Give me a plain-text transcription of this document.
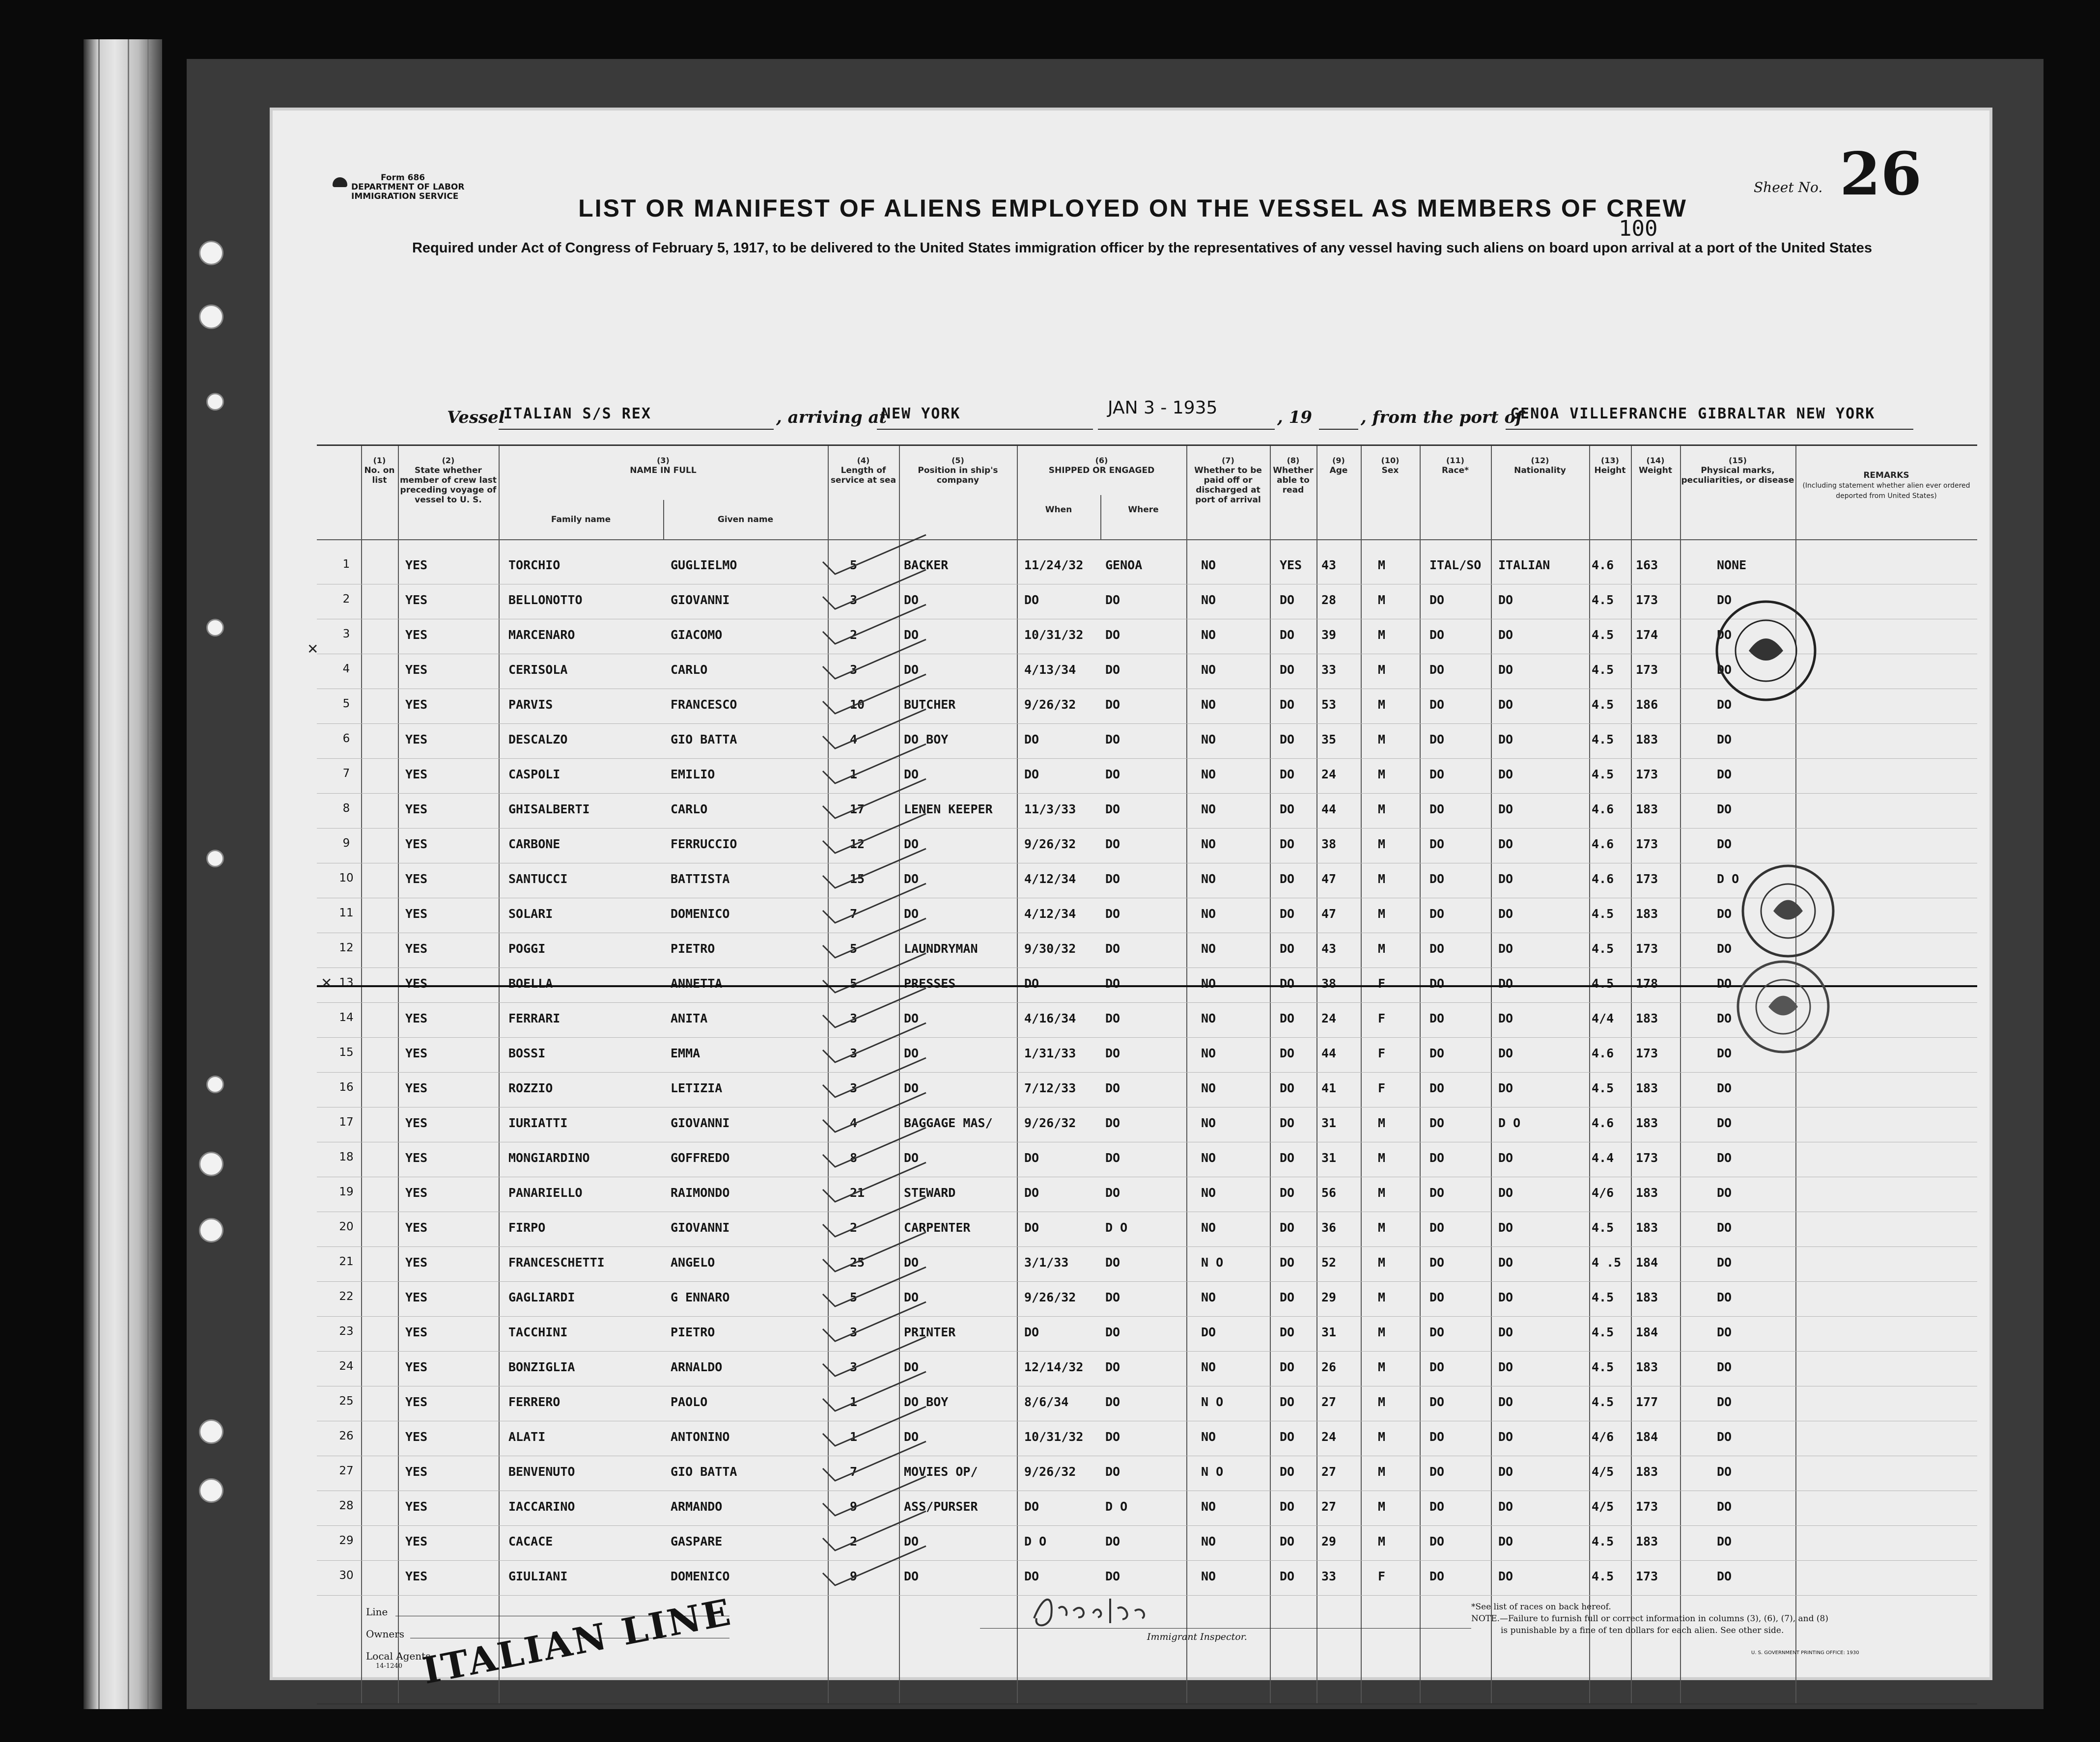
Form 686
DEPARTMENT OF LABOR
IMMIGRATION SERVICE
Sheet No. 26
100
LIST OR MANIFEST OF ALIENS EMPLOYED ON THE VESSEL AS MEMBERS OF CREW
Required under Act of Congress of February 5, 1917, to be delivered to the United States immigration officer by the representatives of any vessel having such aliens on board upon arrival at a port of the United States
Vessel
ITALIAN S/S REX	, arriving at
NEW YORK	JAN 3 - 1935	, 19	, from the port of
GENOA VILLEFRANCHE GIBRALTAR NEW YORK
(1)
No. on list
(2)
State whether member of crew last preceding voyage of vessel to U. S.
(3)
NAME IN FULL
Family name	Given name
(4)
Length of service at sea
(5)
Position in ship's company
(6)
SHIPPED OR ENGAGED
When	Where
(7)
Whether to be paid off or discharged at port of arrival
(8)
Whether able to read
(9)
Age
(10)
Sex
(11)
Race*
(12)
Nationality
(13)
Height
(14)
Weight
(15)
Physical marks, peculiarities, or disease	REMARKS
(Including statement whether alien ever ordered deported from United States)
1	YES	TORCHIO	GUGLIELMO	5	BACKER	11/24/32 GENOA	NO	YES 43	M	ITAL/SO ITALIAN	4.6 163	NONE
2	YES	BELLONOTTO	GIOVANNI	3	DO	DO	DO	NO	DO 28	M	DO	DO	4.5 173	DO
3	YES	MARCENARO	GIACOMO	2	DO	10/31/32 DO	NO	DO 39	M	DO	DO	4.5 174	DO
4	YES	CERISOLA	CARLO	3	DO	4/13/34 DO	NO	DO 33	M	DO	DO	4.5 173	DO
5	YES	PARVIS	FRANCESCO	10	BUTCHER	9/26/32 DO	NO	DO 53	M	DO	DO	4.5 186	DO
6	YES	DESCALZO	GIO BATTA	4	DO BOY	DO	DO	NO	DO 35	M	DO	DO	4.5 183	DO
7	YES	CASPOLI	EMILIO	1	DO	DO	DO	NO	DO 24	M	DO	DO	4.5 173	DO
8	YES	GHISALBERTI	CARLO	17	LENEN KEEPER	11/3/33 DO	NO	DO 44	M	DO	DO	4.6 183	DO
9	YES	CARBONE	FERRUCCIO	12	DO	9/26/32 DO	NO	DO 38	M	DO	DO	4.6 173	DO
10	YES	SANTUCCI	BATTISTA	15	DO	4/12/34 DO	NO	DO 47	M	DO	DO	4.6 173	D O
11	YES	SOLARI	DOMENICO	7	DO	4/12/34 DO	NO	DO 47	M	DO	DO	4.5 183	DO
12	YES	POGGI	PIETRO	5	LAUNDRYMAN	9/30/32 DO	NO	DO 43	M	DO	DO	4.5 173	DO
13	YES	BOELLA	ANNETTA	5	PRESSES	DO	DO	NO	DO 38	F	DO	DO	4.5 178	DO
14	YES	FERRARI	ANITA	3	DO	4/16/34 DO	NO	DO 24	F	DO	DO	4/4 183	DO
15	YES	BOSSI	EMMA	3	DO	1/31/33 DO	NO	DO 44	F	DO	DO	4.6 173	DO
16	YES	ROZZIO	LETIZIA	3	DO	7/12/33 DO	NO	DO 41	F	DO	DO	4.5 183	DO
17	YES	IURIATTI	GIOVANNI	4	BAGGAGE MAS/	9/26/32 DO	NO	DO 31	M	DO	D O	4.6 183	DO
18	YES	MONGIARDINO	GOFFREDO	8	DO	DO	DO	NO	DO 31	M	DO	DO	4.4 173	DO
19	YES	PANARIELLO	RAIMONDO	21	STEWARD	DO	DO	NO	DO 56	M	DO	DO	4/6 183	DO
20	YES	FIRPO	GIOVANNI	2	CARPENTER	DO	D O	NO	DO 36	M	DO	DO	4.5 183	DO
21	YES	FRANCESCHETTI	ANGELO	25	DO	3/1/33	DO	N O	DO 52	M	DO	DO	4 .5 184	DO
22	YES	GAGLIARDI	G ENNARO	5	DO	9/26/32 DO	NO	DO 29	M	DO	DO	4.5 183	DO
23	YES	TACCHINI	PIETRO	3	PRINTER	DO	DO	DO	DO 31	M	DO	DO	4.5 184	DO
24	YES	BONZIGLIA	ARNALDO	3	DO	12/14/32 DO	NO	DO 26	M	DO	DO	4.5 183	DO
25	YES	FERRERO	PAOLO	1	DO BOY	8/6/34	DO	N O	DO 27	M	DO	DO	4.5 177	DO
26	YES	ALATI	ANTONINO	1	DO	10/31/32 DO	NO	DO 24	M	DO	DO	4/6 184	DO
27	YES	BENVENUTO	GIO BATTA	7	MOVIES OP/	9/26/32 DO	N O	DO 27	M	DO	DO	4/5 183	DO
28	YES	IACCARINO	ARMANDO	9	ASS/PURSER	DO	D O	NO	DO 27	M	DO	DO	4/5 173	DO
29	YES	CACACE	GASPARE	2	DO	D O	DO	NO	DO 29	M	DO	DO	4.5 183	DO
30	YES	GIULIANI	DOMENICO	9	DO	DO	DO	NO	DO 33	F	DO	DO	4.5 173	DO
✕
✕
Line
Owners
Local Agents
14-1240 ITALIAN LINE	Immigrant Inspector.
*See list of races on back hereof.
NOTE.—Failure to furnish full or correct information in columns (3), (6), (7), and (8)
is punishable by a fine of ten dollars for each alien. See other side.
U. S. GOVERNMENT PRINTING OFFICE: 1930
